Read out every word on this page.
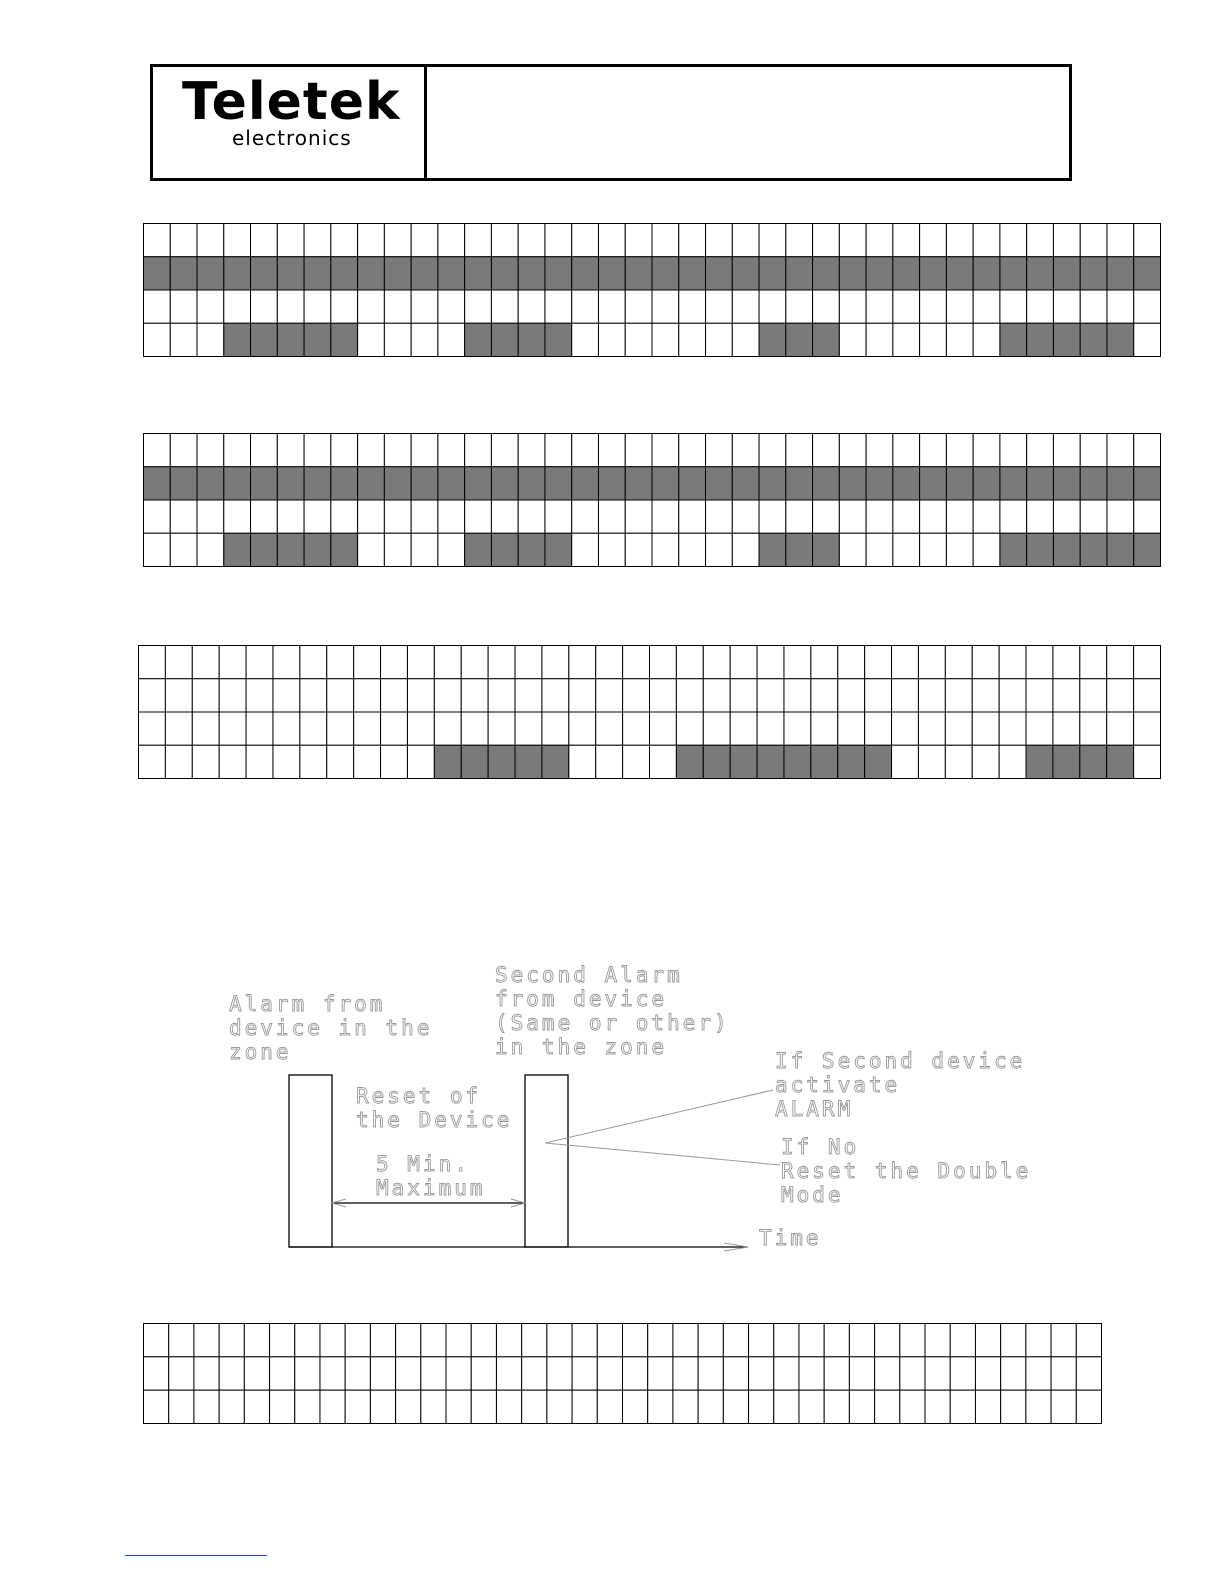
Teletek
electronics
Alarm from
device in the
zone
Second Alarm
from device
(Same or other)
in the zone
Reset of
the Device
5 Min.
Maximum
If Second device
activate
ALARM
If No
Reset the Double
Mode
Time
